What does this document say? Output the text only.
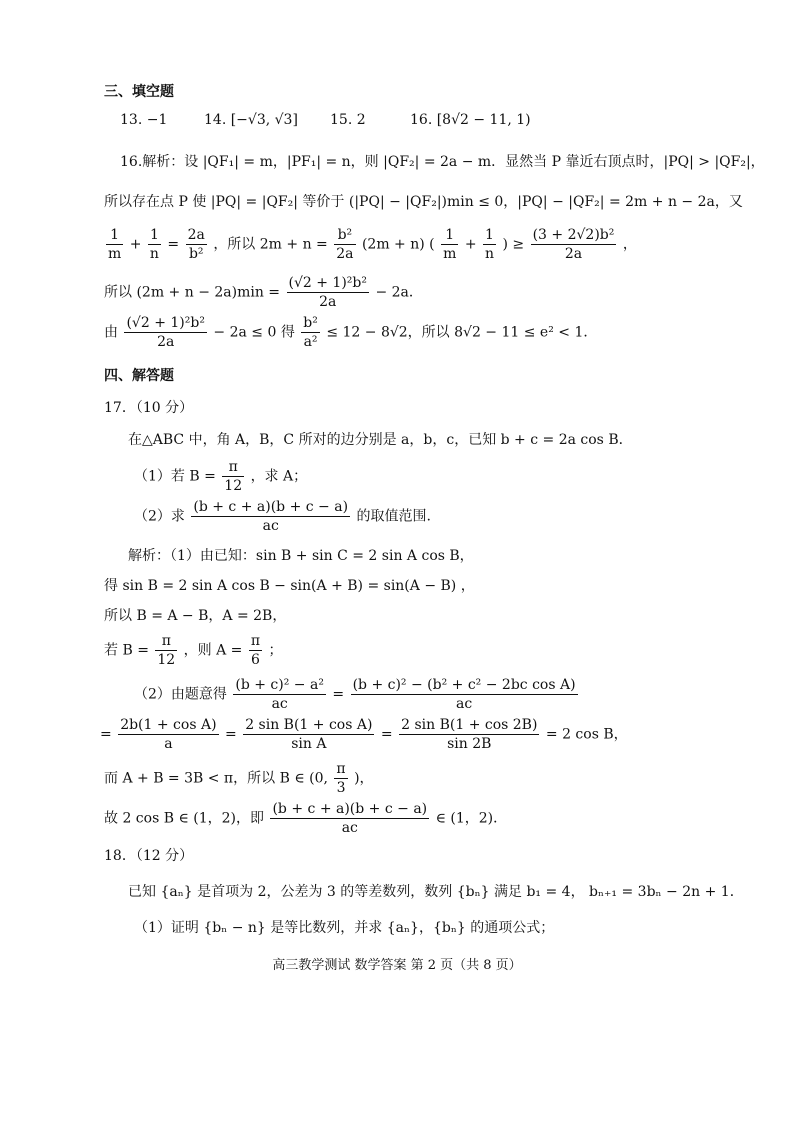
三、填空题
13. −1	14. [−√3, √3] 15. 2	16. [8√2 − 11, 1)
16.解析：设 |QF₁| = m，|PF₁| = n，则 |QF₂| = 2a − m．显然当 P 靠近右顶点时，|PQ| > |QF₂|，
所以存在点 P 使 |PQ| = |QF₂| 等价于 (|PQ| − |QF₂|)min ≤ 0，|PQ| − |QF₂| = 2m + n − 2a，又
$\frac{1}{m} + \frac{1}{n} = \frac{2a}{\text{b²}}$ ，所以 $2m + n = \frac{\text{b²}}{2a} (2m + n)$ ( $\frac{1}{m} + \frac{1}{n}$ ) ≥ $\frac{\text{(3 + 2√2)b²}}{2a}$ ，
所以 $(2m + n - 2a)\min = \frac{\text{(√2 + 1)²b²}}{2a} - 2a$．
由 $\frac{\text{(√2 + 1)²b²}}{2a} - 2a \le 0$ 得 $\frac{\text{b²}}{\text{a²}} \le 12 - 8√2$，所以 8√2 − 11 ≤ e² < 1．
四、解答题
17．（10 分）
在△ABC 中，角 A，B，C 所对的边分别是 a，b，c，已知 b + c = 2a cos B．
（1）若 $B = \frac{\pi}{12}$ ，求 A；
（2）求 $\frac{(b + c + a)(b + c - a)}{ac}$ 的取值范围.
解析：（1）由已知：sin B + sin C = 2 sin A cos B，
得 sin B = 2 sin A cos B − sin(A + B) = sin(A − B) ，
所以 B = A − B，A = 2B，
若 $B = \frac{\pi}{12}$ ，则 $A = \frac{\pi}{6}$ ；
（2）由题意得 $\frac{\text{(b + c)² − a²}}{ac} = \frac{\text{(b + c)² − (b² + c² − 2bc cos A)}}{ac}$
= $\frac{\text{2b(1 + cos A)}}{a} = \frac{\text{2 sin B(1 + cos A)}}{\text{sin A}} = \frac{\text{2 sin B(1 + cos 2B)}}{\sin 2B} = 2$ cos B，
而 A + B = 3B < π，所以 B ∈ (0, $\frac{\pi}{3}$ )，
故 2 cos B ∈ (1，2)，即 $\frac{(b + c + a)(b + c - a)}{ac}$ ∈ (1，2)．
18．（12 分）
已知 {aₙ} 是首项为 2，公差为 3 的等差数列，数列 {bₙ} 满足 b₁ = 4， bₙ₊₁ = 3bₙ − 2n + 1．
（1）证明 {bₙ − n} 是等比数列，并求 {aₙ}，{bₙ} 的通项公式；
高三教学测试 数学答案 第 2 页（共 8 页）
